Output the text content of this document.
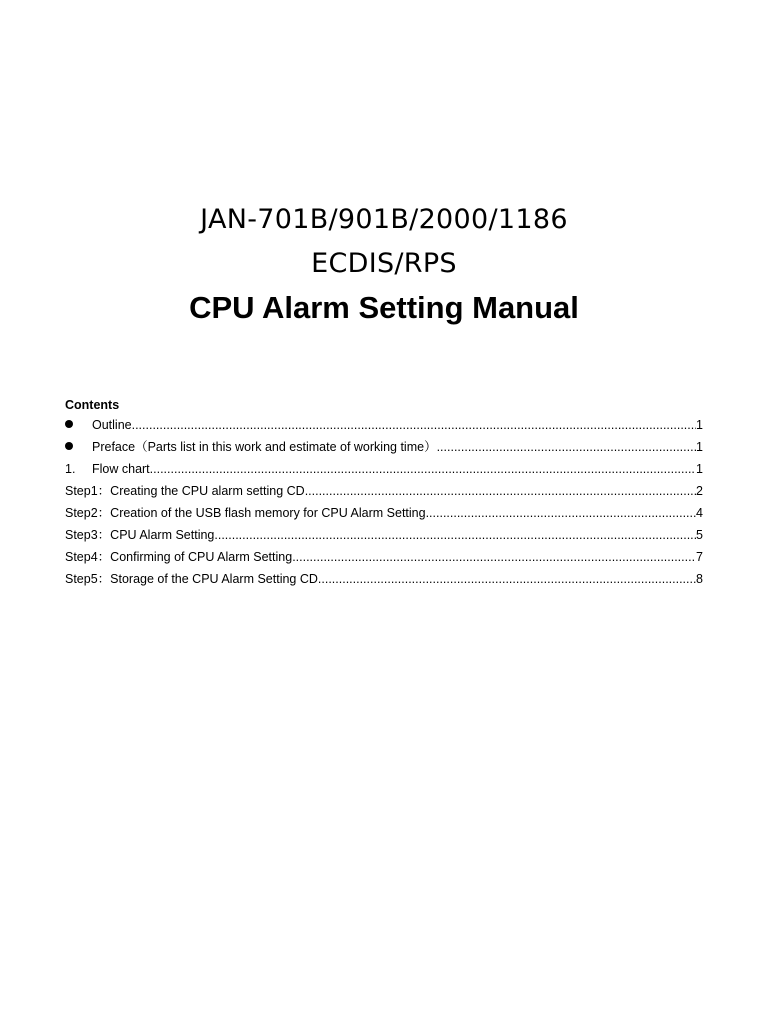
JAN-701B/901B/2000/1186
ECDIS/RPS
CPU Alarm Setting Manual
Contents
Outline .....	1
Preface（Parts list in this work and estimate of working time） .....	1
1.	Flow chart .....	1
Step1：Creating the CPU alarm setting CD .....	2
Step2：Creation of the USB flash memory for CPU Alarm Setting .....	4
Step3：CPU Alarm Setting .....	5
Step4：Confirming of CPU Alarm Setting .....	7
Step5：Storage of the CPU Alarm Setting CD .....	8
